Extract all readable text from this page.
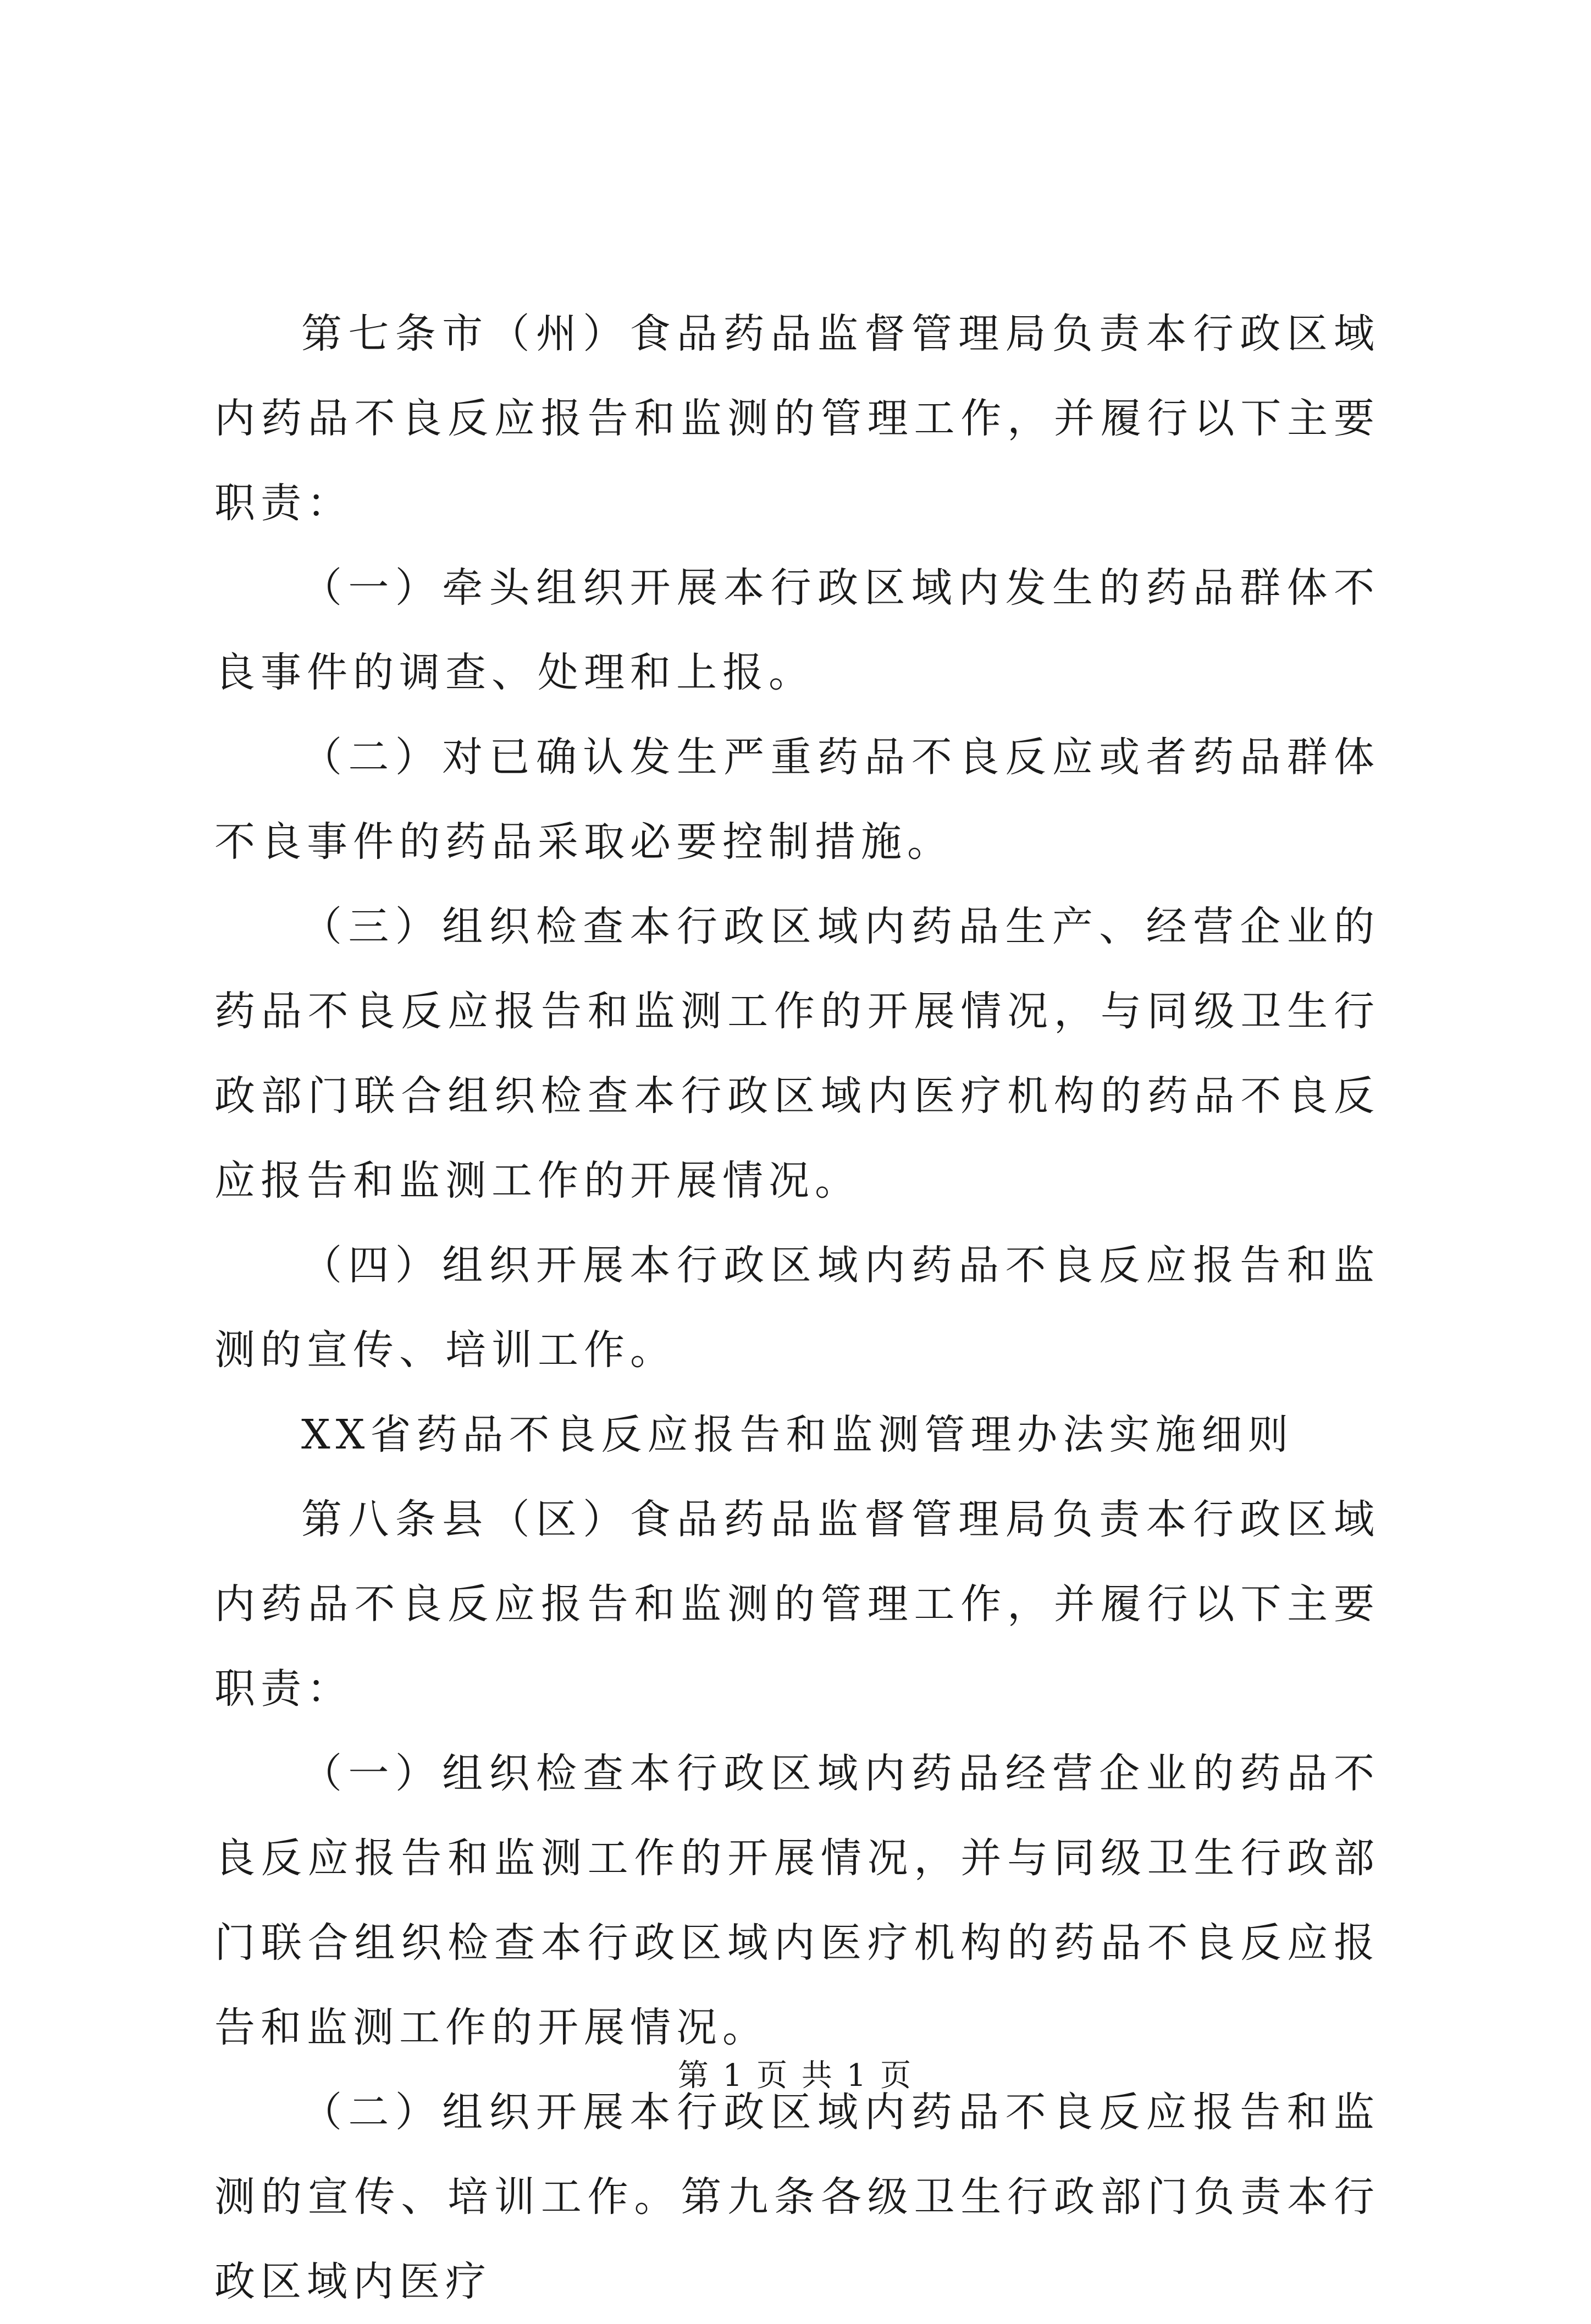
第七条市（州）食品药品监督管理局负责本行政区域内药品不良反应报告和监测的管理工作，并履行以下主要职责：

（一）牵头组织开展本行政区域内发生的药品群体不良事件的调查、处理和上报。

（二）对已确认发生严重药品不良反应或者药品群体不良事件的药品采取必要控制措施。

（三）组织检查本行政区域内药品生产、经营企业的药品不良反应报告和监测工作的开展情况，与同级卫生行政部门联合组织检查本行政区域内医疗机构的药品不良反应报告和监测工作的开展情况。

（四）组织开展本行政区域内药品不良反应报告和监测的宣传、培训工作。

XX省药品不良反应报告和监测管理办法实施细则

第八条县（区）食品药品监督管理局负责本行政区域内药品不良反应报告和监测的管理工作，并履行以下主要职责：

（一）组织检查本行政区域内药品经营企业的药品不良反应报告和监测工作的开展情况，并与同级卫生行政部门联合组织检查本行政区域内医疗机构的药品不良反应报告和监测工作的开展情况。

（二）组织开展本行政区域内药品不良反应报告和监测的宣传、培训工作。第九条各级卫生行政部门负责本行政区域内医疗

第 1 页 共 1 页
